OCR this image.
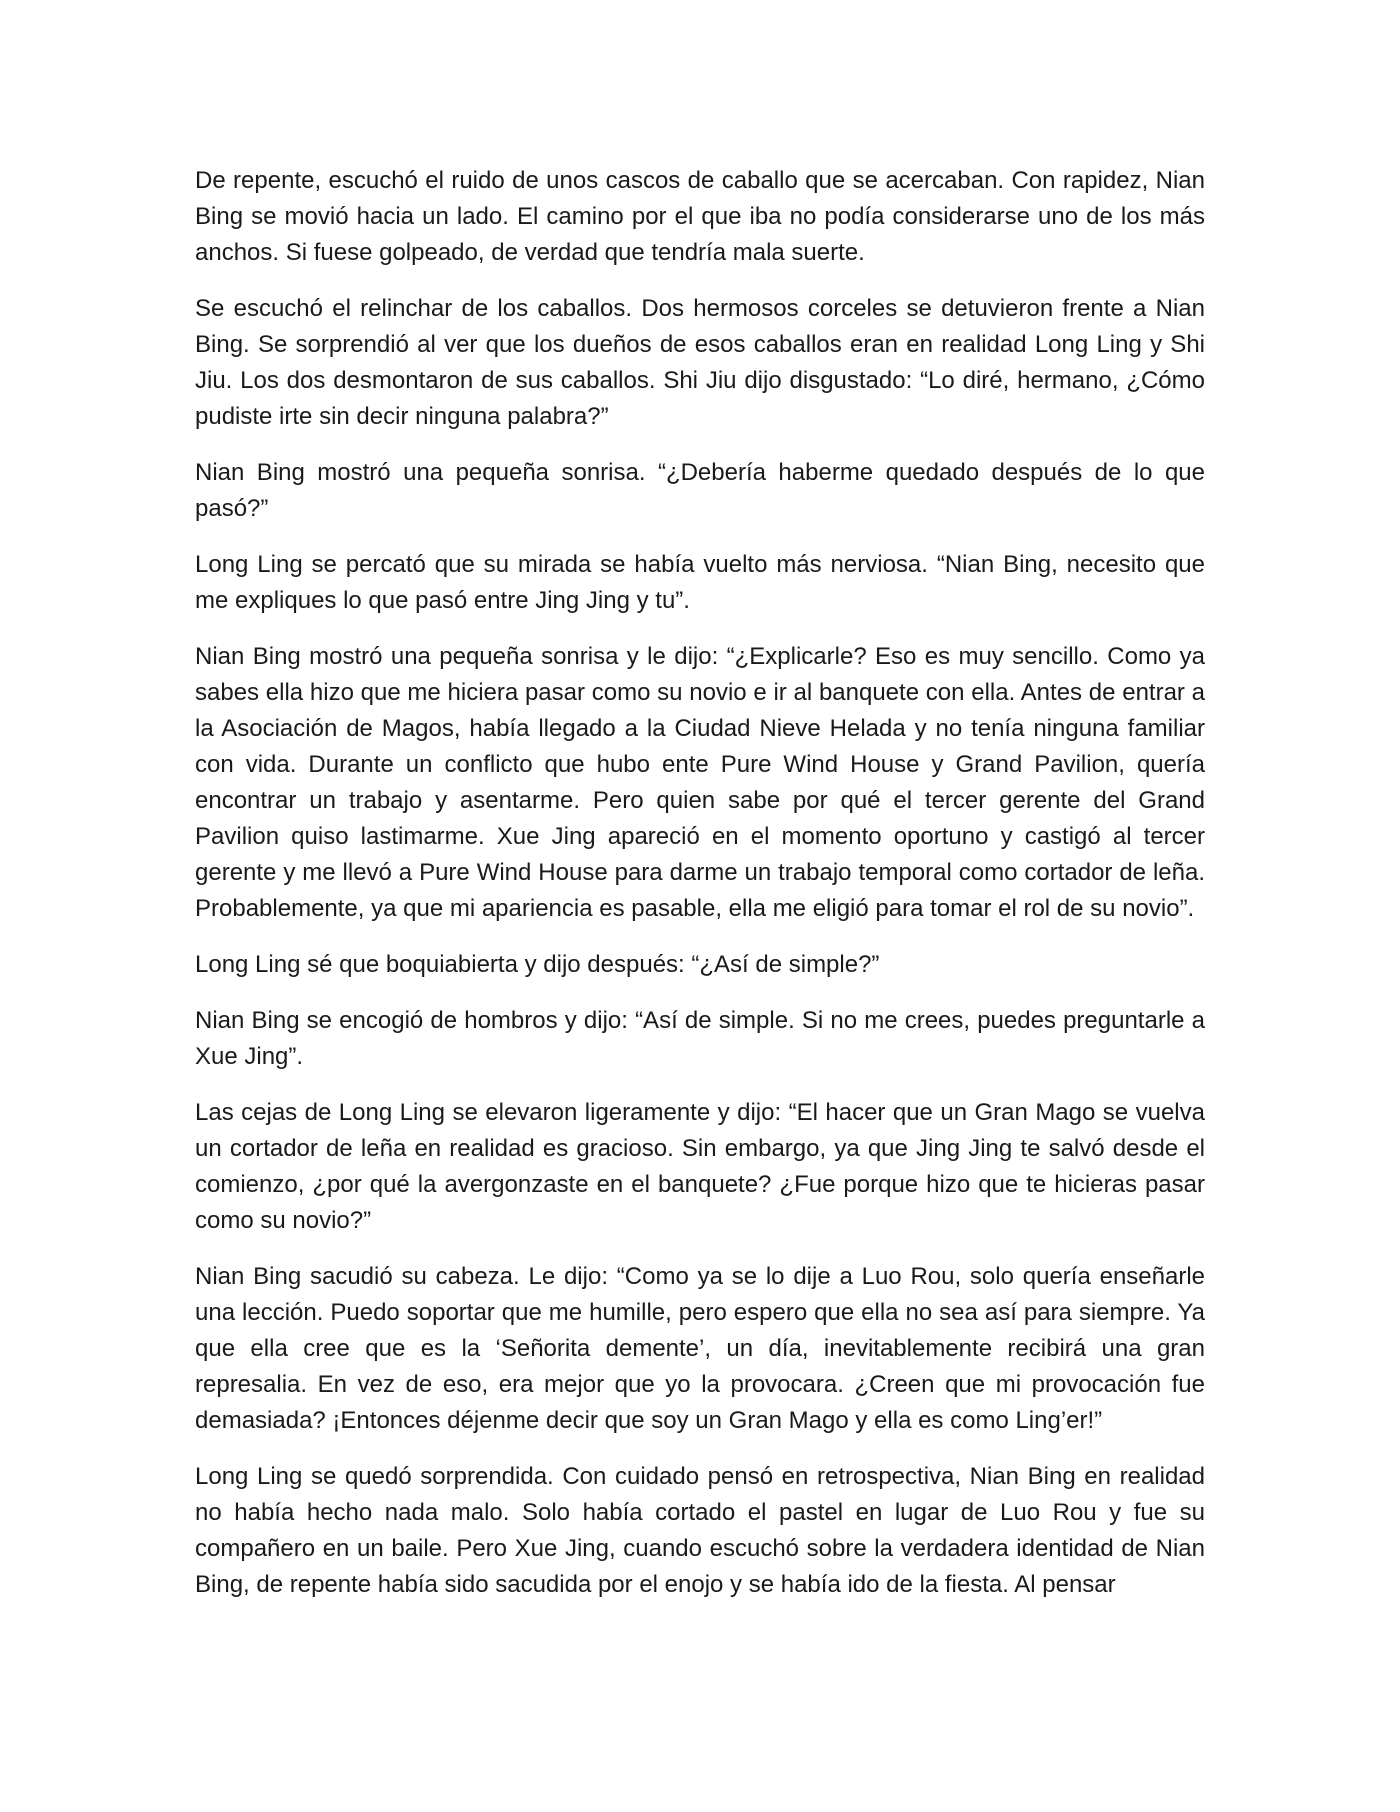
De repente, escuchó el ruido de unos cascos de caballo que se acercaban. Con rapidez, Nian Bing se movió hacia un lado. El camino por el que iba no podía considerarse uno de los más anchos. Si fuese golpeado, de verdad que tendría mala suerte.

Se escuchó el relinchar de los caballos. Dos hermosos corceles se detuvieron frente a Nian Bing. Se sorprendió al ver que los dueños de esos caballos eran en realidad Long Ling y Shi Jiu. Los dos desmontaron de sus caballos. Shi Jiu dijo disgustado: “Lo diré, hermano, ¿Cómo pudiste irte sin decir ninguna palabra?”

Nian Bing mostró una pequeña sonrisa. “¿Debería haberme quedado después de lo que pasó?”

Long Ling se percató que su mirada se había vuelto más nerviosa. “Nian Bing, necesito que me expliques lo que pasó entre Jing Jing y tu”.

Nian Bing mostró una pequeña sonrisa y le dijo: “¿Explicarle? Eso es muy sencillo. Como ya sabes ella hizo que me hiciera pasar como su novio e ir al banquete con ella. Antes de entrar a la Asociación de Magos, había llegado a la Ciudad Nieve Helada y no tenía ninguna familiar con vida. Durante un conflicto que hubo ente Pure Wind House y Grand Pavilion, quería encontrar un trabajo y asentarme. Pero quien sabe por qué el tercer gerente del Grand Pavilion quiso lastimarme. Xue Jing apareció en el momento oportuno y castigó al tercer gerente y me llevó a Pure Wind House para darme un trabajo temporal como cortador de leña. Probablemente, ya que mi apariencia es pasable, ella me eligió para tomar el rol de su novio”.

Long Ling sé que boquiabierta y dijo después: “¿Así de simple?”

Nian Bing se encogió de hombros y dijo: “Así de simple. Si no me crees, puedes preguntarle a Xue Jing”.

Las cejas de Long Ling se elevaron ligeramente y dijo: “El hacer que un Gran Mago se vuelva un cortador de leña en realidad es gracioso. Sin embargo, ya que Jing Jing te salvó desde el comienzo, ¿por qué la avergonzaste en el banquete? ¿Fue porque hizo que te hicieras pasar como su novio?”

Nian Bing sacudió su cabeza. Le dijo: “Como ya se lo dije a Luo Rou, solo quería enseñarle una lección. Puedo soportar que me humille, pero espero que ella no sea así para siempre. Ya que ella cree que es la ‘Señorita demente’, un día, inevitablemente recibirá una gran represalia. En vez de eso, era mejor que yo la provocara. ¿Creen que mi provocación fue demasiada? ¡Entonces déjenme decir que soy un Gran Mago y ella es como Ling’er!”

Long Ling se quedó sorprendida. Con cuidado pensó en retrospectiva, Nian Bing en realidad no había hecho nada malo. Solo había cortado el pastel en lugar de Luo Rou y fue su compañero en un baile. Pero Xue Jing, cuando escuchó sobre la verdadera identidad de Nian Bing, de repente había sido sacudida por el enojo y se había ido de la fiesta. Al pensar
